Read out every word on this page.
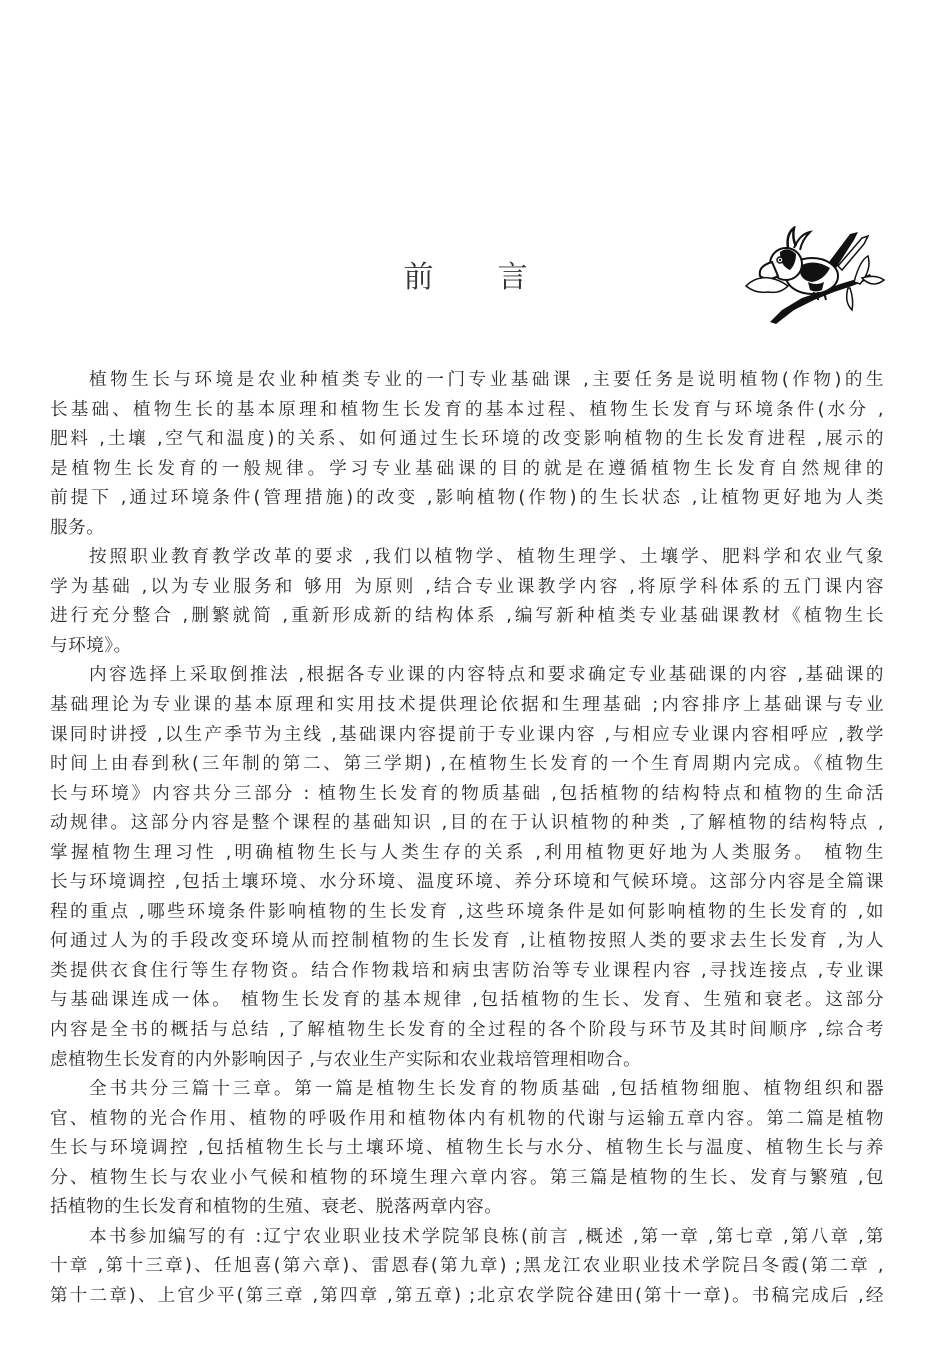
前 言
植物生长与环境是农业种植类专业的一门专业基础课 ,主要任务是说明植物(作物)的生
长基础、植物生长的基本原理和植物生长发育的基本过程、植物生长发育与环境条件(水分 ,
肥料 ,土壤 ,空气和温度)的关系、如何通过生长环境的改变影响植物的生长发育进程 ,展示的
是植物生长发育的一般规律。学习专业基础课的目的就是在遵循植物生长发育自然规律的
前提下 ,通过环境条件(管理措施)的改变 ,影响植物(作物)的生长状态 ,让植物更好地为人类
服务。
按照职业教育教学改革的要求 ,我们以植物学、植物生理学、土壤学、肥料学和农业气象
学为基础 ,以为专业服务和 够用 为原则 ,结合专业课教学内容 ,将原学科体系的五门课内容
进行充分整合 ,删繁就简 ,重新形成新的结构体系 ,编写新种植类专业基础课教材《植物生长
与环境》。
内容选择上采取倒推法 ,根据各专业课的内容特点和要求确定专业基础课的内容 ,基础课的
基础理论为专业课的基本原理和实用技术提供理论依据和生理基础 ;内容排序上基础课与专业
课同时讲授 ,以生产季节为主线 ,基础课内容提前于专业课内容 ,与相应专业课内容相呼应 ,教学
时间上由春到秋(三年制的第二、第三学期) ,在植物生长发育的一个生育周期内完成。《植物生
长与环境》内容共分三部分 : 植物生长发育的物质基础 ,包括植物的结构特点和植物的生命活
动规律。这部分内容是整个课程的基础知识 ,目的在于认识植物的种类 ,了解植物的结构特点 ,
掌握植物生理习性 ,明确植物生长与人类生存的关系 ,利用植物更好地为人类服务。 植物生
长与环境调控 ,包括土壤环境、水分环境、温度环境、养分环境和气候环境。这部分内容是全篇课
程的重点 ,哪些环境条件影响植物的生长发育 ,这些环境条件是如何影响植物的生长发育的 ,如
何通过人为的手段改变环境从而控制植物的生长发育 ,让植物按照人类的要求去生长发育 ,为人
类提供衣食住行等生存物资。结合作物栽培和病虫害防治等专业课程内容 ,寻找连接点 ,专业课
与基础课连成一体。 植物生长发育的基本规律 ,包括植物的生长、发育、生殖和衰老。这部分
内容是全书的概括与总结 ,了解植物生长发育的全过程的各个阶段与环节及其时间顺序 ,综合考
虑植物生长发育的内外影响因子 ,与农业生产实际和农业栽培管理相吻合。
全书共分三篇十三章。第一篇是植物生长发育的物质基础 ,包括植物细胞、植物组织和器
官、植物的光合作用、植物的呼吸作用和植物体内有机物的代谢与运输五章内容。第二篇是植物
生长与环境调控 ,包括植物生长与土壤环境、植物生长与水分、植物生长与温度、植物生长与养
分、植物生长与农业小气候和植物的环境生理六章内容。第三篇是植物的生长、发育与繁殖 ,包
括植物的生长发育和植物的生殖、衰老、脱落两章内容。
本书参加编写的有 :辽宁农业职业技术学院邹良栋(前言 ,概述 ,第一章 ,第七章 ,第八章 ,第
十章 ,第十三章)、任旭喜(第六章)、雷恩春(第九章) ;黑龙江农业职业技术学院吕冬霞(第二章 ,
第十二章)、上官少平(第三章 ,第四章 ,第五章) ;北京农学院谷建田(第十一章)。书稿完成后 ,经
